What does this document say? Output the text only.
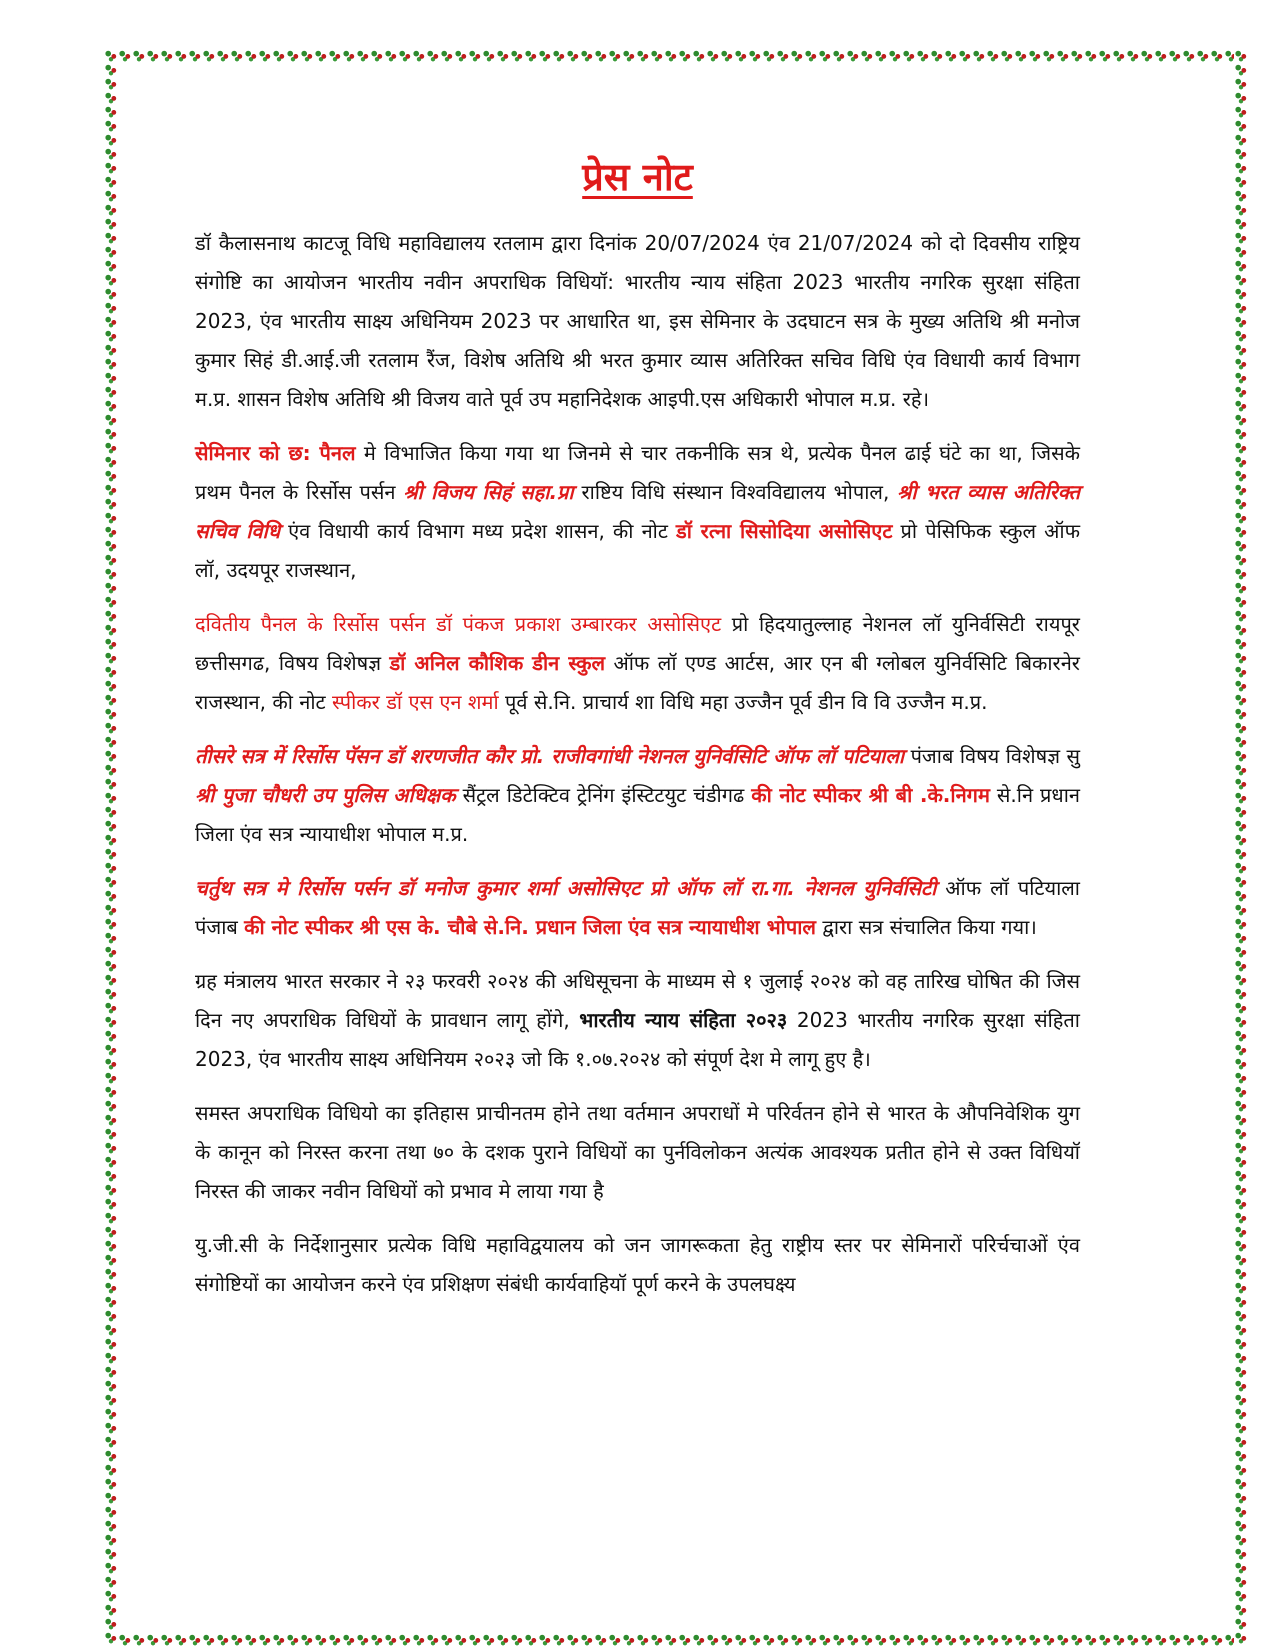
प्रेस नोट

डॉ कैलासनाथ काटजू विधि महाविद्यालय रतलाम द्वारा दिनांक 20/07/2024 एंव 21/07/2024 को दो दिवसीय राष्ट्रिय संगोष्टि का आयोजन भारतीय नवीन अपराधिक विधियॉ: भारतीय न्याय संहिता 2023 भारतीय नगरिक सुरक्षा संहिता 2023, एंव भारतीय साक्ष्य अधिनियम 2023 पर आधारित था, इस सेमिनार के उदघाटन सत्र के मुख्य अतिथि श्री मनोज कुमार सिहं डी.आई.जी रतलाम रैंज, विशेष अतिथि श्री भरत कुमार व्यास अतिरिक्त सचिव विधि एंव विधायी कार्य विभाग म.प्र. शासन विशेष अतिथि श्री विजय वाते पूर्व उप महानिदेशक आइपी.एस अधिकारी भोपाल म.प्र. रहे।

सेमिनार को छ: पैनल मे विभाजित किया गया था जिनमे से चार तकनीकि सत्र थे, प्रत्येक पैनल ढाई घंटे का था, जिसके प्रथम पैनल के रिर्सोस पर्सन श्री विजय सिहं सहा.प्रा राष्टिय विधि संस्थान विश्वविद्यालय भोपाल, श्री भरत व्यास अतिरिक्त सचिव विधि एंव विधायी कार्य विभाग मध्य प्रदेश शासन, की नोट डॉ रत्ना सिसोदिया असोसिएट प्रो पेसिफिक स्कुल ऑफ लॉ, उदयपूर राजस्थान,

दवितीय पैनल के रिर्सोस पर्सन डॉ पंकज प्रकाश उम्बारकर असोसिएट प्रो हिदयातुल्लाह नेशनल लॉ युनिर्वसिटी रायपूर छत्तीसगढ, विषय विशेषज्ञ डॉ अनिल कौशिक डीन स्कुल ऑफ लॉ एण्ड आर्टस, आर एन बी ग्लोबल युनिर्वसिटि बिकारनेर राजस्थान, की नोट स्पीकर डॉ एस एन शर्मा पूर्व से.नि. प्राचार्य शा विधि महा उज्जैन पूर्व डीन वि वि उज्जैन म.प्र.

तीसरे सत्र में रिर्सोस पॅसन डॉ शरणजीत कौर प्रो. राजीवगांधी नेशनल युनिर्वसिटि ऑफ लॉ पटियाला पंजाब विषय विशेषज्ञ सु श्री पुजा चौधरी उप पुलिस अधिक्षक सैंट्रल डिटेक्टिव ट्रेनिंग इंस्टिटयुट चंडीगढ की नोट स्पीकर श्री बी .के.निगम से.नि प्रधान जिला एंव सत्र न्यायाधीश भोपाल म.प्र.

चर्तुथ सत्र मे रिर्सोस पर्सन डॉ मनोज कुमार शर्मा असोसिएट प्रो ऑफ लॉ रा.गा. नेशनल युनिर्वसिटी ऑफ लॉ पटियाला पंजाब की नोट स्पीकर श्री एस के. चौबे से.नि. प्रधान जिला एंव सत्र न्यायाधीश भोपाल द्वारा सत्र संचालित किया गया।

ग्रह मंत्रालय भारत सरकार ने २३ फरवरी २०२४ की अधिसूचना के माध्यम से १ जुलाई २०२४ को वह तारिख घोषित की जिस दिन नए अपराधिक विधियों के प्रावधान लागू होंगे, भारतीय न्याय संहिता २०२३ 2023 भारतीय नगरिक सुरक्षा संहिता 2023, एंव भारतीय साक्ष्य अधिनियम २०२३ जो कि १.०७.२०२४ को संपूर्ण देश मे लागू हुए है।

समस्त अपराधिक विधियो का इतिहास प्राचीनतम होने तथा वर्तमान अपराधों मे परिर्वतन होने से भारत के औपनिवेशिक युग के कानून को निरस्त करना तथा ७० के दशक पुराने विधियों का पुर्नविलोकन अत्यंक आवश्यक प्रतीत होने से उक्त विधियॉ निरस्त की जाकर नवीन विधियों को प्रभाव मे लाया गया है

यु.जी.सी के निर्देशानुसार प्रत्येक विधि महाविद्वयालय को जन जागरूकता हेतु राष्ट्रीय स्तर पर सेमिनारों परिर्चचाओं एंव संगोष्टियों का आयोजन करने एंव प्रशिक्षण संबंधी कार्यवाहियॉ पूर्ण करने के उपलघक्ष्य
